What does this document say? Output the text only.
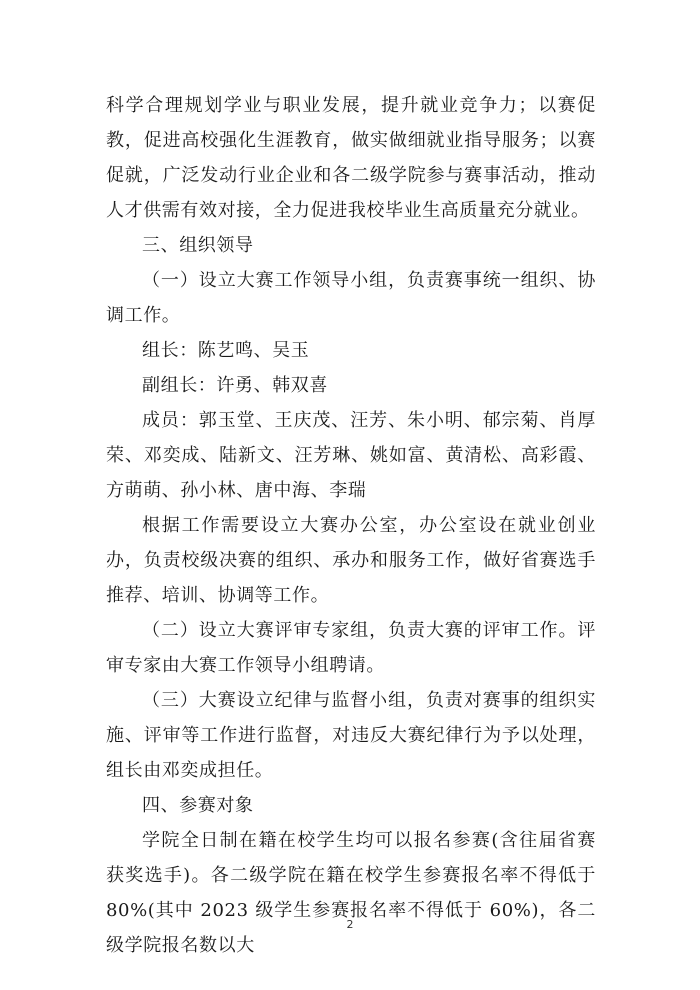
科学合理规划学业与职业发展，提升就业竞争力；以赛促教，促进高校强化生涯教育，做实做细就业指导服务；以赛促就，广泛发动行业企业和各二级学院参与赛事活动，推动人才供需有效对接，全力促进我校毕业生高质量充分就业。

三、组织领导

（一）设立大赛工作领导小组，负责赛事统一组织、协调工作。

组长：陈艺鸣、吴玉

副组长：许勇、韩双喜

成员：郭玉堂、王庆茂、汪芳、朱小明、郁宗菊、肖厚荣、邓奕成、陆新文、汪芳琳、姚如富、黄清松、高彩霞、方萌萌、孙小林、唐中海、李瑞

根据工作需要设立大赛办公室，办公室设在就业创业办，负责校级决赛的组织、承办和服务工作，做好省赛选手推荐、培训、协调等工作。

（二）设立大赛评审专家组，负责大赛的评审工作。评审专家由大赛工作领导小组聘请。

（三）大赛设立纪律与监督小组，负责对赛事的组织实施、评审等工作进行监督，对违反大赛纪律行为予以处理，组长由邓奕成担任。

四、参赛对象

学院全日制在籍在校学生均可以报名参赛(含往届省赛获奖选手)。各二级学院在籍在校学生参赛报名率不得低于 80%(其中 2023 级学生参赛报名率不得低于 60%)，各二级学院报名数以大

2
